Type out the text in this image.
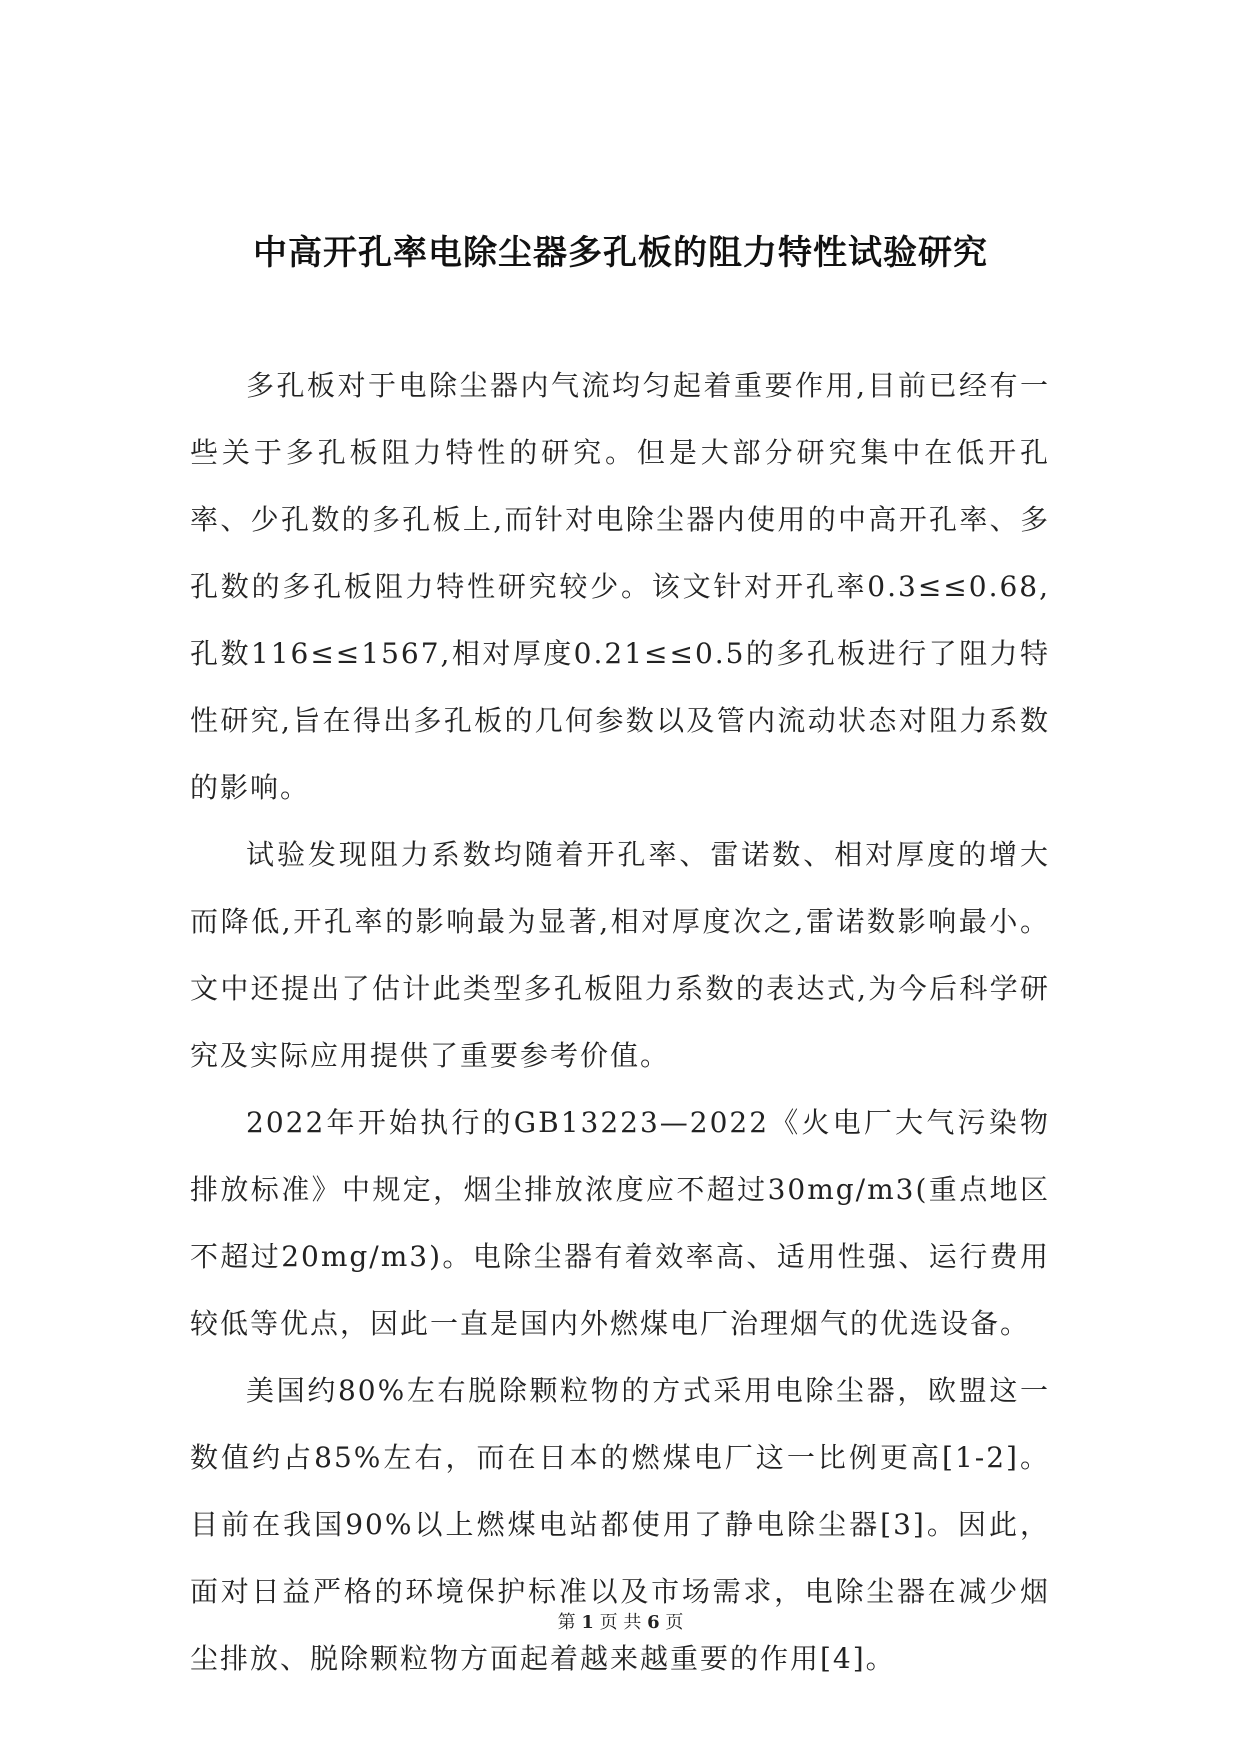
中高开孔率电除尘器多孔板的阻力特性试验研究

多孔板对于电除尘器内气流均匀起着重要作用,目前已经有一些关于多孔板阻力特性的研究。但是大部分研究集中在低开孔率、少孔数的多孔板上,而针对电除尘器内使用的中高开孔率、多孔数的多孔板阻力特性研究较少。该文针对开孔率0.3≤≤0.68,孔数116≤≤1567,相对厚度0.21≤≤0.5的多孔板进行了阻力特性研究,旨在得出多孔板的几何参数以及管内流动状态对阻力系数的影响。

试验发现阻力系数均随着开孔率、雷诺数、相对厚度的增大而降低,开孔率的影响最为显著,相对厚度次之,雷诺数影响最小。文中还提出了估计此类型多孔板阻力系数的表达式,为今后科学研究及实际应用提供了重要参考价值。

2022年开始执行的GB13223—2022《火电厂大气污染物排放标准》中规定，烟尘排放浓度应不超过30mg/m3(重点地区不超过20mg/m3)。电除尘器有着效率高、适用性强、运行费用较低等优点，因此一直是国内外燃煤电厂治理烟气的优选设备。

美国约80%左右脱除颗粒物的方式采用电除尘器，欧盟这一数值约占85%左右，而在日本的燃煤电厂这一比例更高[1-2]。目前在我国90%以上燃煤电站都使用了静电除尘器[3]。因此，面对日益严格的环境保护标准以及市场需求，电除尘器在减少烟尘排放、脱除颗粒物方面起着越来越重要的作用[4]。

第 1 页 共 6 页
